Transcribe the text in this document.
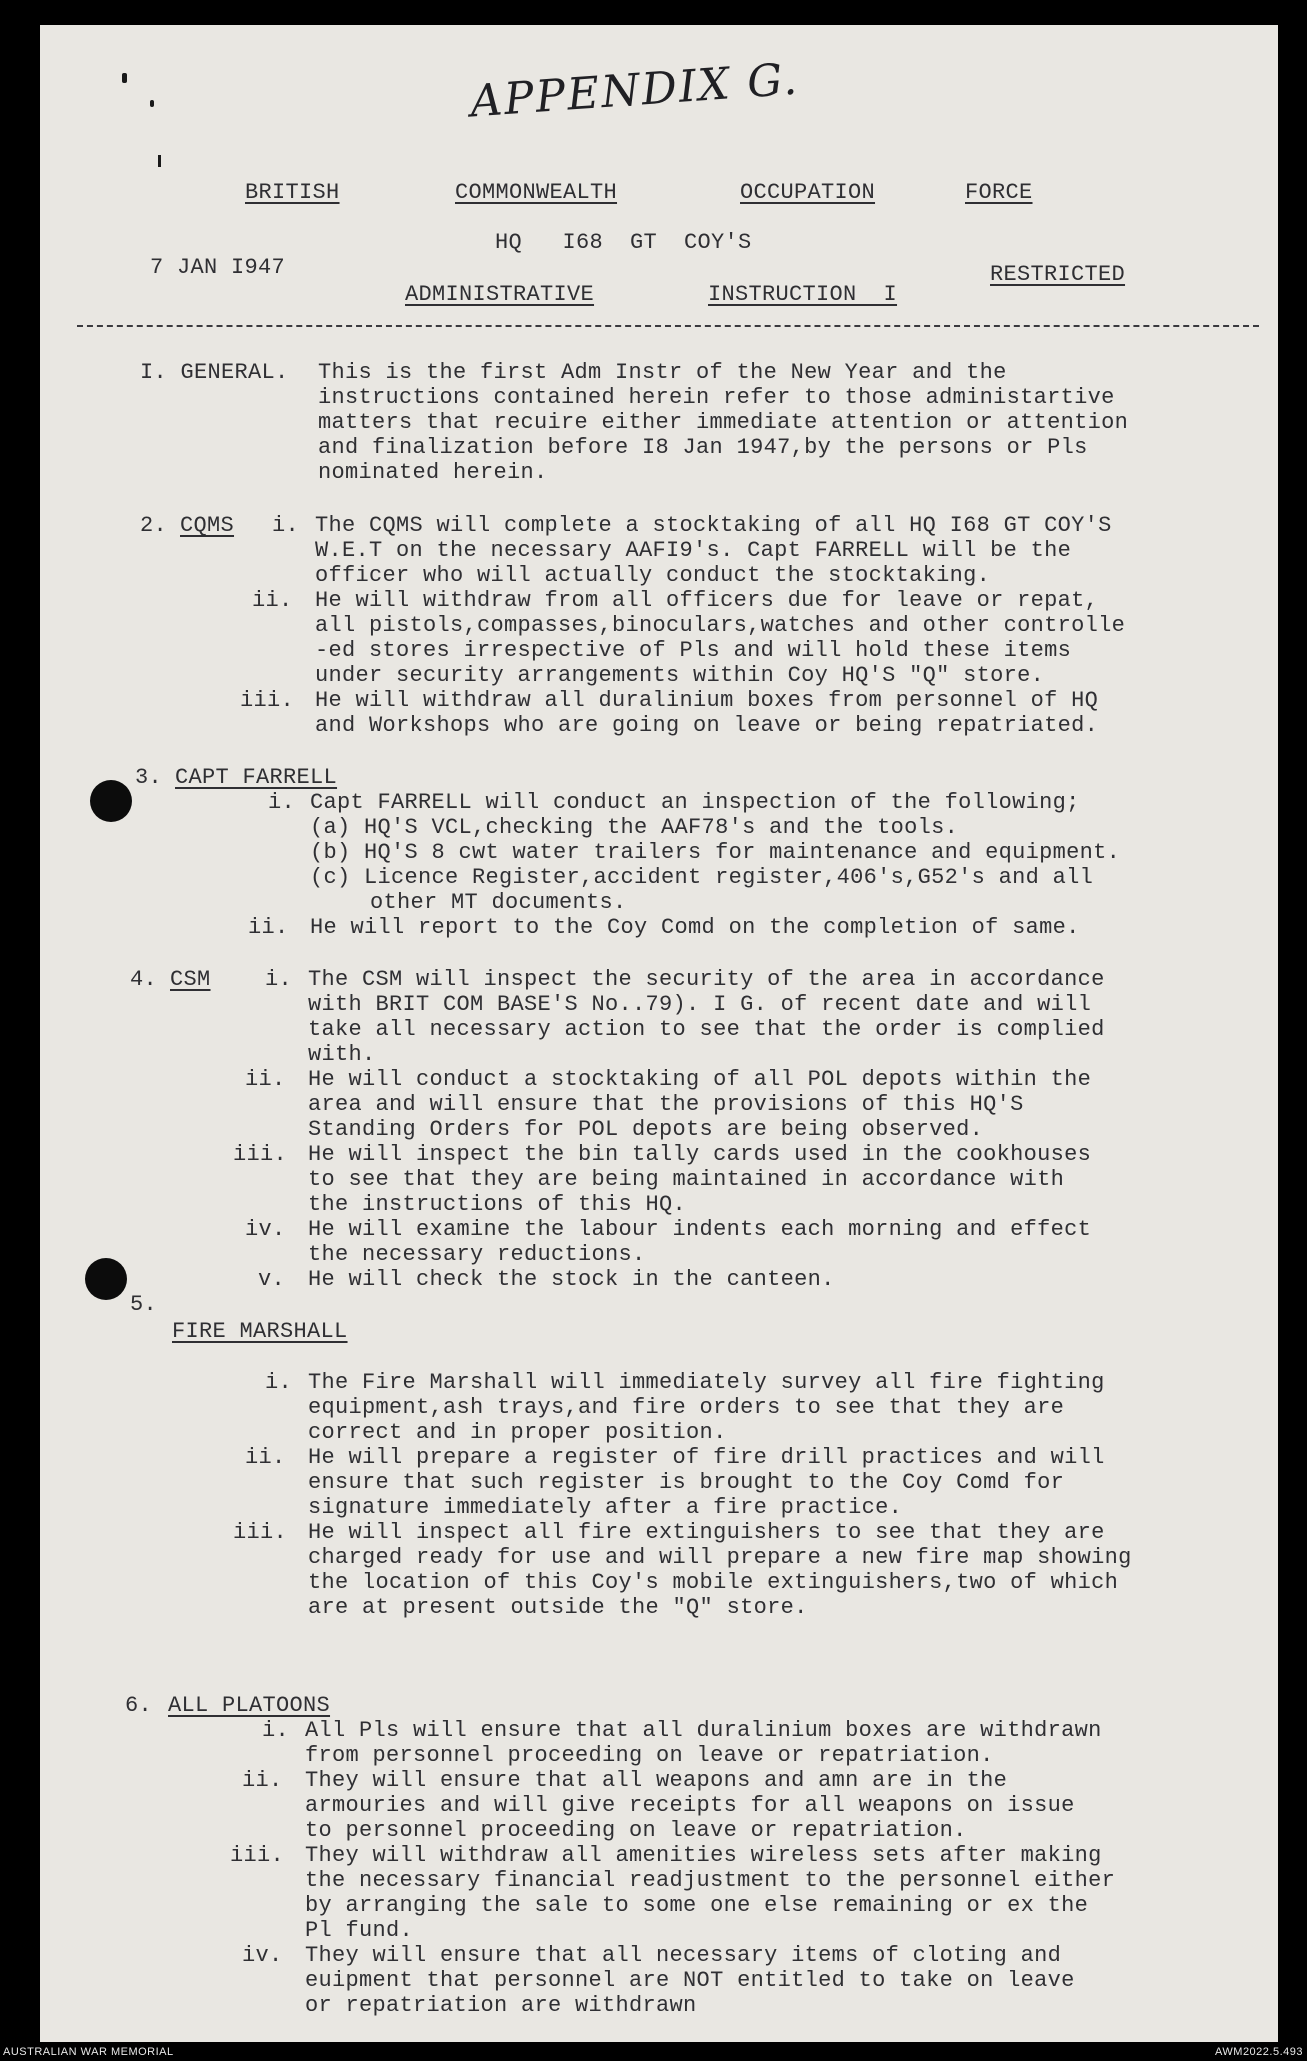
APPENDIX G.
BRITISH	COMMONWEALTH	OCCUPATION	FORCE
HQ   I68  GT  COY'S
7 JAN I947	RESTRICTED
ADMINISTRATIVE	INSTRUCTION  I
I. GENERAL. This is the first Adm Instr of the New Year and the
instructions contained herein refer to those administartive
matters that recuire either immediate attention or attention
and finalization before I8 Jan 1947,by the persons or Pls
nominated herein.
2. CQMS i. The CQMS will complete a stocktaking of all HQ I68 GT COY'S
W.E.T on the necessary AAFI9's. Capt FARRELL will be the
officer who will actually conduct the stocktaking.
ii. He will withdraw from all officers due for leave or repat,
all pistols,compasses,binoculars,watches and other controlle
-ed stores irrespective of Pls and will hold these items
under security arrangements within Coy HQ'S "Q" store.
iii. He will withdraw all duralinium boxes from personnel of HQ
and Workshops who are going on leave or being repatriated.
3. CAPT FARRELL
i. Capt FARRELL will conduct an inspection of the following;
(a) HQ'S VCL,checking the AAF78's and the tools.
(b) HQ'S 8 cwt water trailers for maintenance and equipment.
(c) Licence Register,accident register,406's,G52's and all
other MT documents.
ii. He will report to the Coy Comd on the completion of same.
4. CSM i. The CSM will inspect the security of the area in accordance
with BRIT COM BASE'S No..79). I G. of recent date and will
take all necessary action to see that the order is complied
with.
ii. He will conduct a stocktaking of all POL depots within the
area and will ensure that the provisions of this HQ'S
Standing Orders for POL depots are being observed.
iii. He will inspect the bin tally cards used in the cookhouses
to see that they are being maintained in accordance with
the instructions of this HQ.
iv. He will examine the labour indents each morning and effect
the necessary reductions.
v. He will check the stock in the canteen.
5.
FIRE MARSHALL
i. The Fire Marshall will immediately survey all fire fighting
equipment,ash trays,and fire orders to see that they are
correct and in proper position.
ii. He will prepare a register of fire drill practices and will
ensure that such register is brought to the Coy Comd for
signature immediately after a fire practice.
iii. He will inspect all fire extinguishers to see that they are
charged ready for use and will prepare a new fire map showing
the location of this Coy's mobile extinguishers,two of which
are at present outside the "Q" store.
6. ALL PLATOONS
i. All Pls will ensure that all duralinium boxes are withdrawn
from personnel proceeding on leave or repatriation.
ii. They will ensure that all weapons and amn are in the
armouries and will give receipts for all weapons on issue
to personnel proceeding on leave or repatriation.
iii. They will withdraw all amenities wireless sets after making
the necessary financial readjustment to the personnel either
by arranging the sale to some one else remaining or ex the
Pl fund.
iv. They will ensure that all necessary items of cloting and
euipment that personnel are NOT entitled to take on leave
or repatriation are withdrawn
AUSTRALIAN WAR MEMORIAL	AWM2022.5.493
